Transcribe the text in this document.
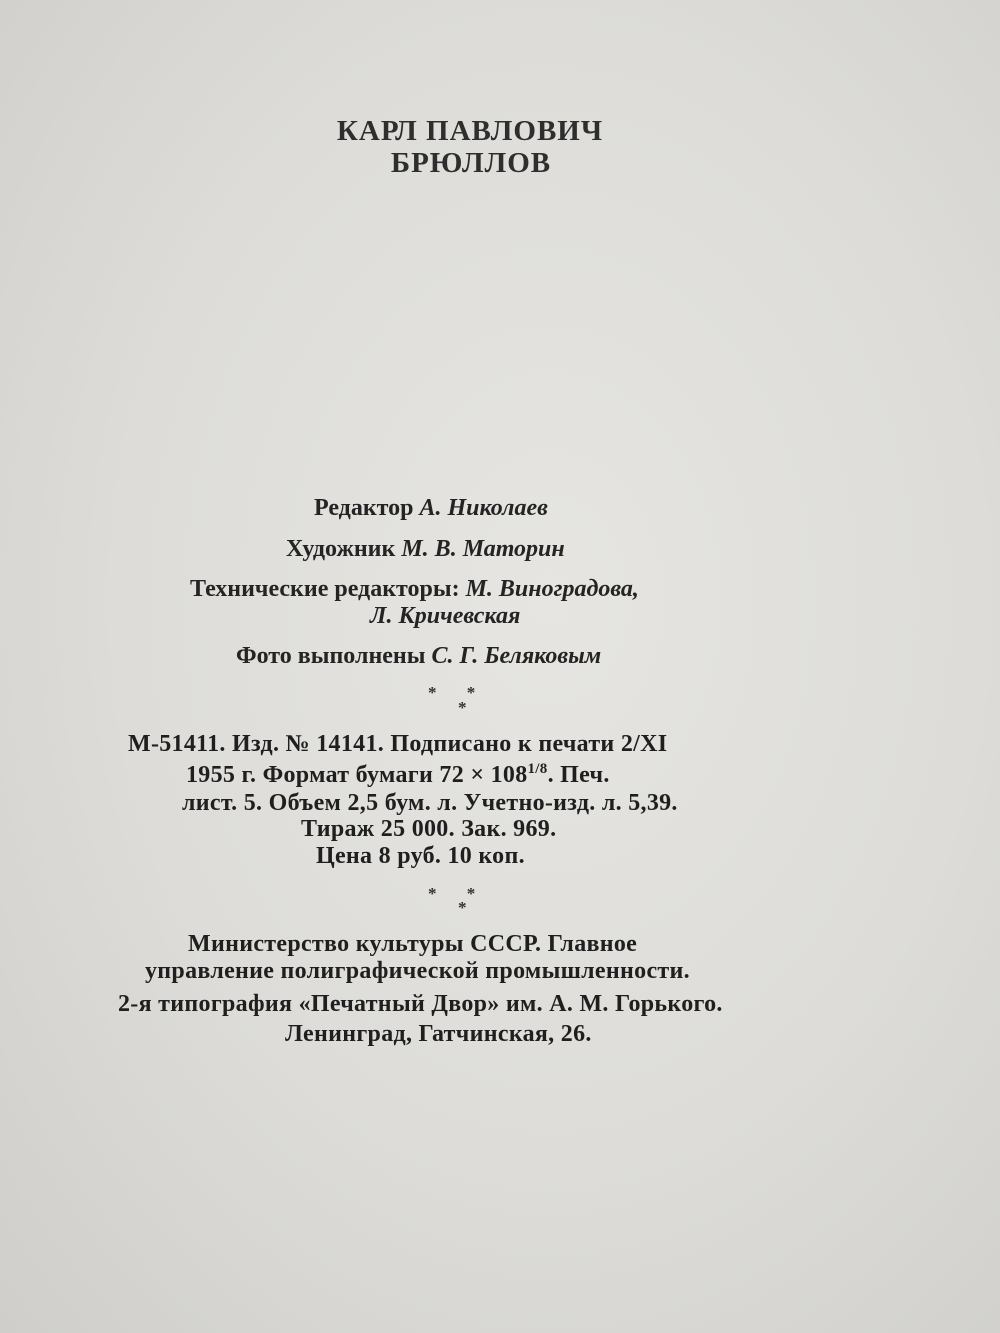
КАРЛ ПАВЛОВИЧ
БРЮЛЛОВ
Редактор А. Николаев
Художник М. В. Маторин
Технические редакторы: М. Виноградова,
Л. Кричевская
Фото выполнены С. Г. Беляковым
* *
*
М-51411. Изд. № 14141. Подписано к печати 2/XI
1955 г. Формат бумаги $72 \times 108^{1/8}$. Печ.
лист. 5. Объем 2,5 бум. л. Учетно-изд. л. 5,39.
Тираж 25 000. Зак. 969.
Цена 8 руб. 10 коп.
* *
*
Министерство культуры СССР. Главное
управление полиграфической промышленности.
2-я типография «Печатный Двор» им. А. М. Горького.
Ленинград, Гатчинская, 26.
